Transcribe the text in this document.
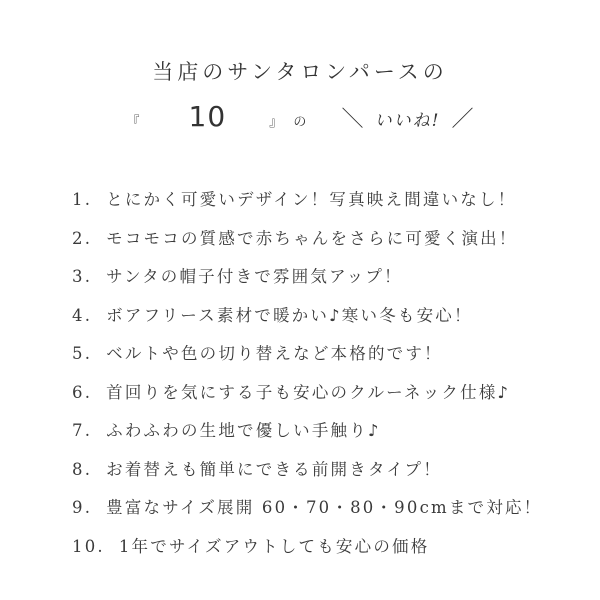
当店のサンタロンパースの
『 10	』 の ＼ いいね! ／
1. とにかく可愛いデザイン！写真映え間違いなし！
2. モコモコの質感で赤ちゃんをさらに可愛く演出！
3. サンタの帽子付きで雰囲気アップ！
4. ボアフリース素材で暖かい♪寒い冬も安心！
5. ベルトや色の切り替えなど本格的です！
6. 首回りを気にする子も安心のクルーネック仕様♪
7. ふわふわの生地で優しい手触り♪
8. お着替えも簡単にできる前開きタイプ！
9. 豊富なサイズ展開 60・70・80・90cmまで対応！
10. 1年でサイズアウトしても安心の価格
